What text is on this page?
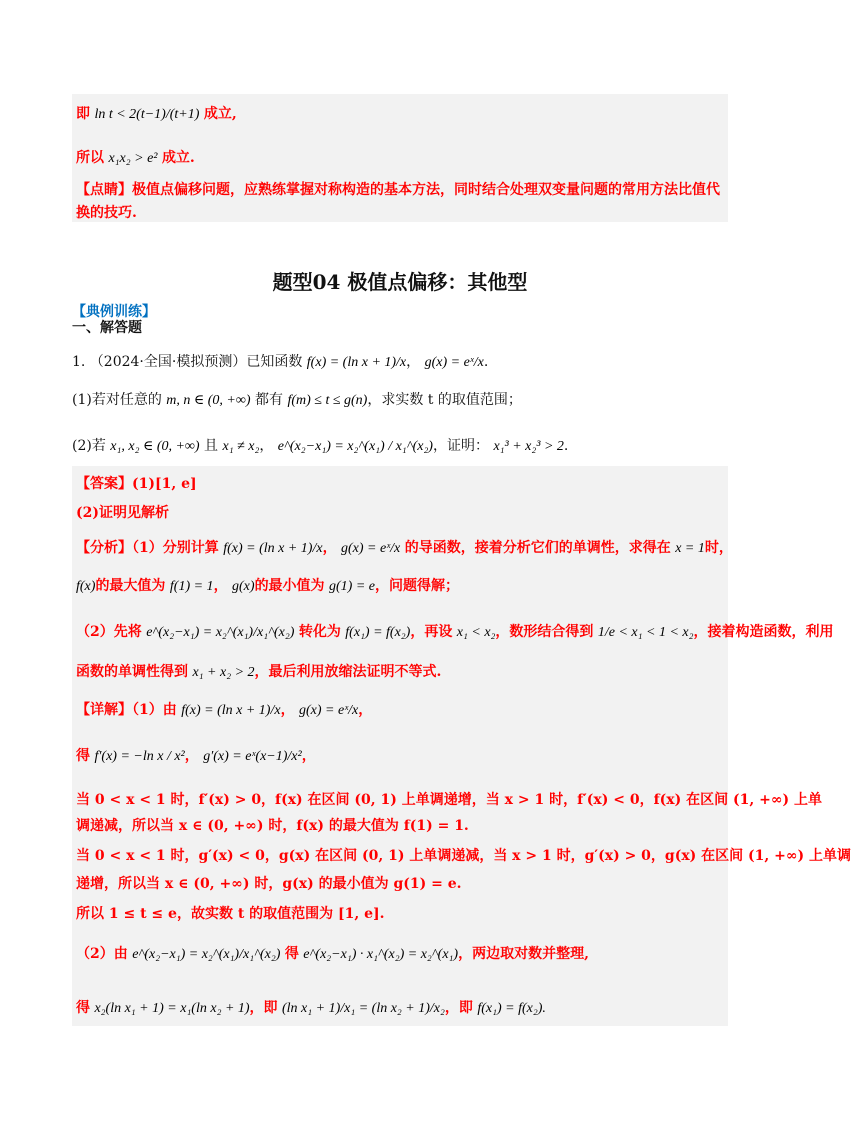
即 ln t < 2(t−1)/(t+1) 成立,
所以 x₁x₂ > e² 成立.
【点睛】极值点偏移问题，应熟练掌握对称构造的基本方法，同时结合处理双变量问题的常用方法比值代
换的技巧.
题型04 极值点偏移：其他型
【典例训练】
一、解答题
1. （2024·全国·模拟预测）已知函数 f(x) = (ln x + 1)/x， g(x) = eˣ/x.
(1)若对任意的 m, n ∈ (0, +∞) 都有 f(m) ≤ t ≤ g(n)，求实数 t 的取值范围；
(2)若 x₁, x₂ ∈ (0, +∞) 且 x₁ ≠ x₂， e^(x₂−x₁) = x₂^(x₁) / x₁^(x₂)，证明： x₁³ + x₂³ > 2.
【答案】(1)[1, e]
(2)证明见解析
【分析】（1）分别计算 f(x) = (ln x + 1)/x， g(x) = eˣ/x 的导函数，接着分析它们的单调性，求得在 x = 1时，
f(x)的最大值为 f(1) = 1， g(x)的最小值为 g(1) = e，问题得解；
（2）先将 e^(x₂−x₁) = x₂^(x₁)/x₁^(x₂) 转化为 f(x₁) = f(x₂)，再设 x₁ < x₂，数形结合得到 1/e < x₁ < 1 < x₂，接着构造函数，利用
函数的单调性得到 x₁ + x₂ > 2，最后利用放缩法证明不等式.
【详解】（1）由 f(x) = (ln x + 1)/x， g(x) = eˣ/x，
得 f′(x) = −ln x / x²， g′(x) = eˣ(x−1)/x²，
当 0 < x < 1 时，f′(x) > 0，f(x) 在区间 (0, 1) 上单调递增，当 x > 1 时，f′(x) < 0，f(x) 在区间 (1, +∞) 上单
调递减，所以当 x ∈ (0, +∞) 时，f(x) 的最大值为 f(1) = 1.
当 0 < x < 1 时，g′(x) < 0，g(x) 在区间 (0, 1) 上单调递减，当 x > 1 时，g′(x) > 0，g(x) 在区间 (1, +∞) 上单调
递增，所以当 x ∈ (0, +∞) 时，g(x) 的最小值为 g(1) = e.
所以 1 ≤ t ≤ e，故实数 t 的取值范围为 [1, e].
（2）由 e^(x₂−x₁) = x₂^(x₁)/x₁^(x₂) 得 e^(x₂−x₁) · x₁^(x₂) = x₂^(x₁)，两边取对数并整理,
得 x₂(ln x₁ + 1) = x₁(ln x₂ + 1)，即 (ln x₁ + 1)/x₁ = (ln x₂ + 1)/x₂，即 f(x₁) = f(x₂).
